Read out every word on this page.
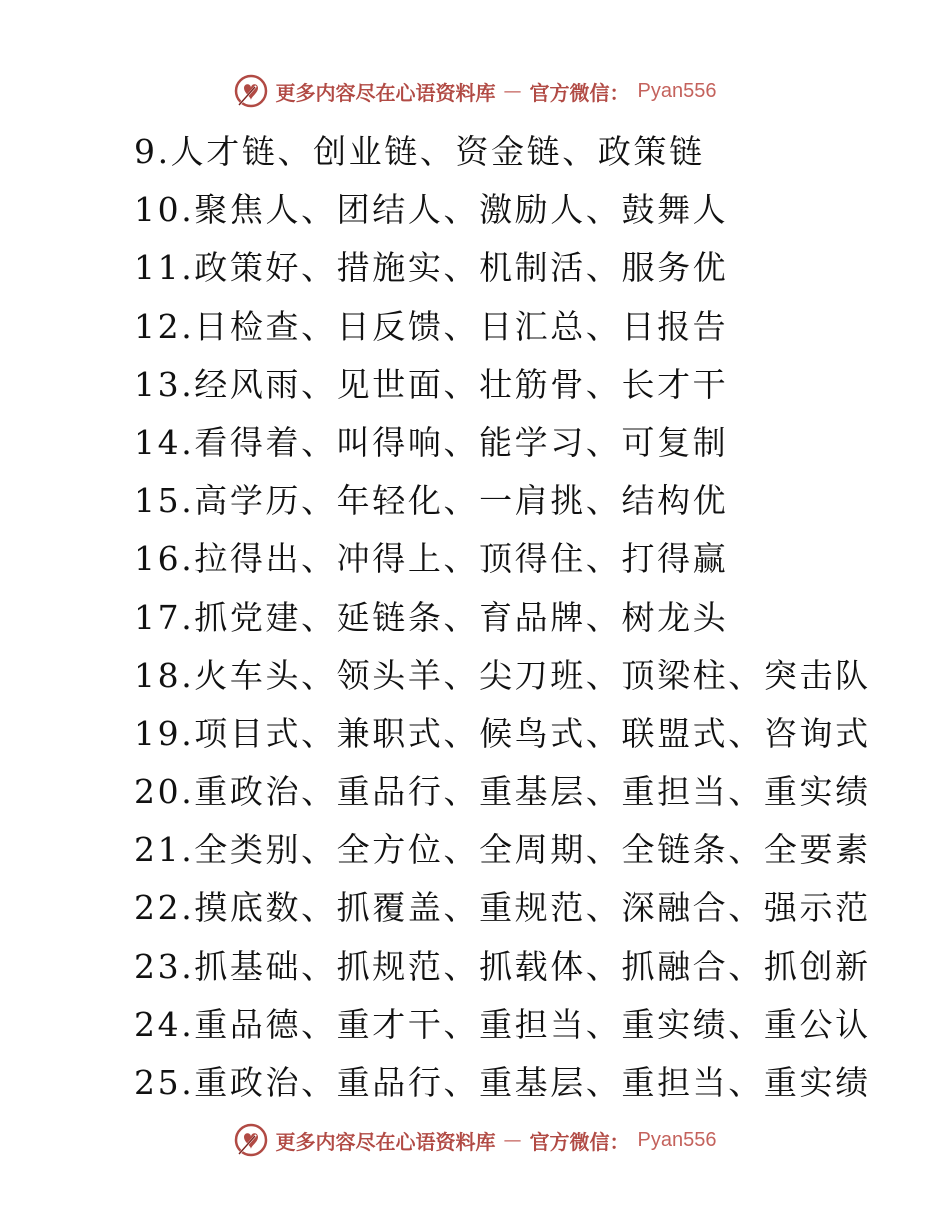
更多内容尽在心语资料库 — 官方微信： Pyan556
9.人才链、创业链、资金链、政策链
10.聚焦人、团结人、激励人、鼓舞人
11.政策好、措施实、机制活、服务优
12.日检查、日反馈、日汇总、日报告
13.经风雨、见世面、壮筋骨、长才干
14.看得着、叫得响、能学习、可复制
15.高学历、年轻化、一肩挑、结构优
16.拉得出、冲得上、顶得住、打得赢
17.抓党建、延链条、育品牌、树龙头
18.火车头、领头羊、尖刀班、顶梁柱、突击队
19.项目式、兼职式、候鸟式、联盟式、咨询式
20.重政治、重品行、重基层、重担当、重实绩
21.全类别、全方位、全周期、全链条、全要素
22.摸底数、抓覆盖、重规范、深融合、强示范
23.抓基础、抓规范、抓载体、抓融合、抓创新
24.重品德、重才干、重担当、重实绩、重公认
25.重政治、重品行、重基层、重担当、重实绩
更多内容尽在心语资料库 — 官方微信： Pyan556
